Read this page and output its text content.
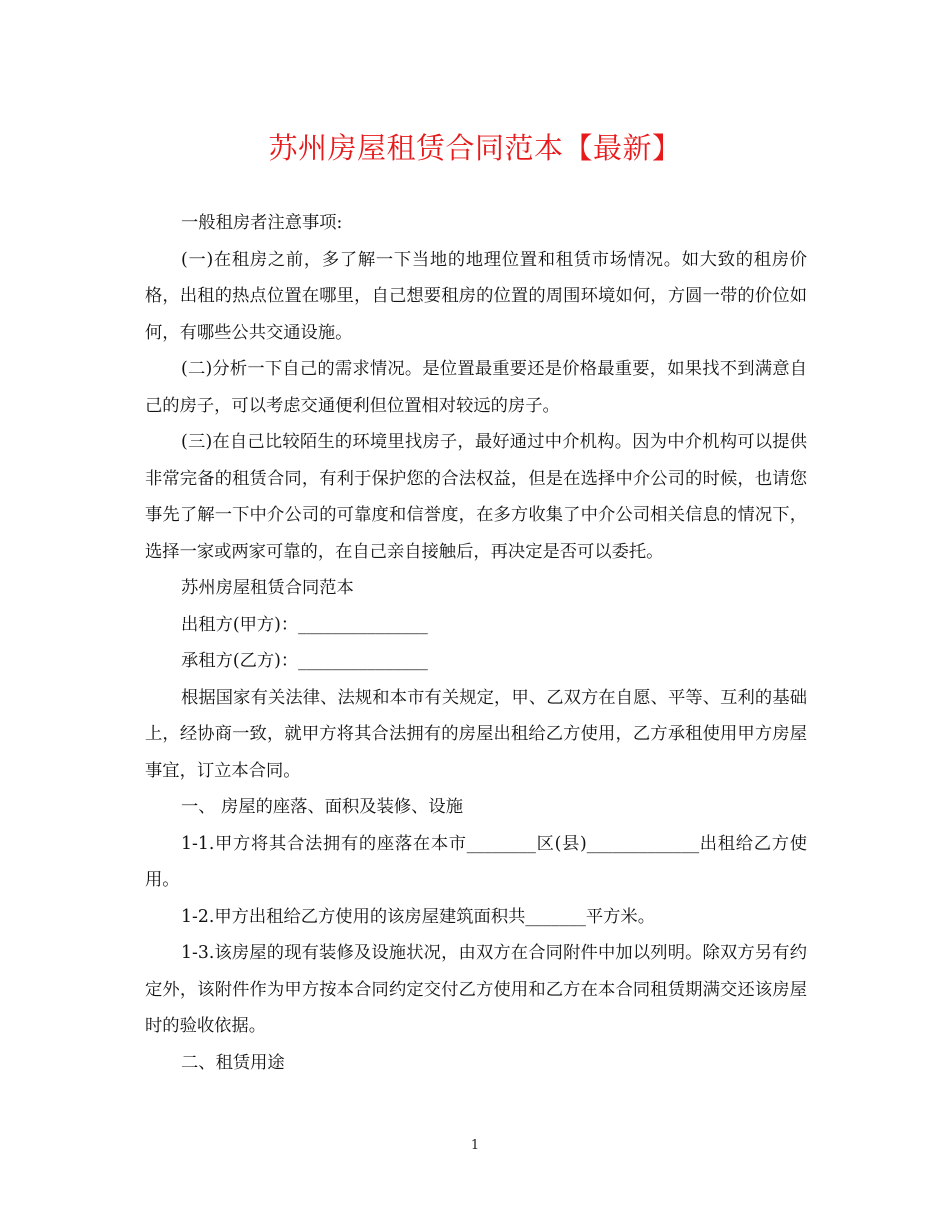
苏州房屋租赁合同范本【最新】

一般租房者注意事项:

(一)在租房之前，多了解一下当地的地理位置和租赁市场情况。如大致的租房价格，出租的热点位置在哪里，自己想要租房的位置的周围环境如何，方圆一带的价位如何，有哪些公共交通设施。

(二)分析一下自己的需求情况。是位置最重要还是价格最重要，如果找不到满意自己的房子，可以考虑交通便利但位置相对较远的房子。

(三)在自己比较陌生的环境里找房子，最好通过中介机构。因为中介机构可以提供非常完备的租赁合同，有利于保护您的合法权益，但是在选择中介公司的时候，也请您事先了解一下中介公司的可靠度和信誉度，在多方收集了中介公司相关信息的情况下，选择一家或两家可靠的，在自己亲自接触后，再决定是否可以委托。

苏州房屋租赁合同范本

出租方(甲方)：_______________

承租方(乙方)：_______________

根据国家有关法律、法规和本市有关规定，甲、乙双方在自愿、平等、互利的基础上，经协商一致，就甲方将其合法拥有的房屋出租给乙方使用，乙方承租使用甲方房屋事宜，订立本合同。

一、 房屋的座落、面积及装修、设施

1-1.甲方将其合法拥有的座落在本市________区(县)_____________出租给乙方使用。

1-2.甲方出租给乙方使用的该房屋建筑面积共_______平方米。

1-3.该房屋的现有装修及设施状况，由双方在合同附件中加以列明。除双方另有约定外，该附件作为甲方按本合同约定交付乙方使用和乙方在本合同租赁期满交还该房屋时的验收依据。

二、租赁用途

1
